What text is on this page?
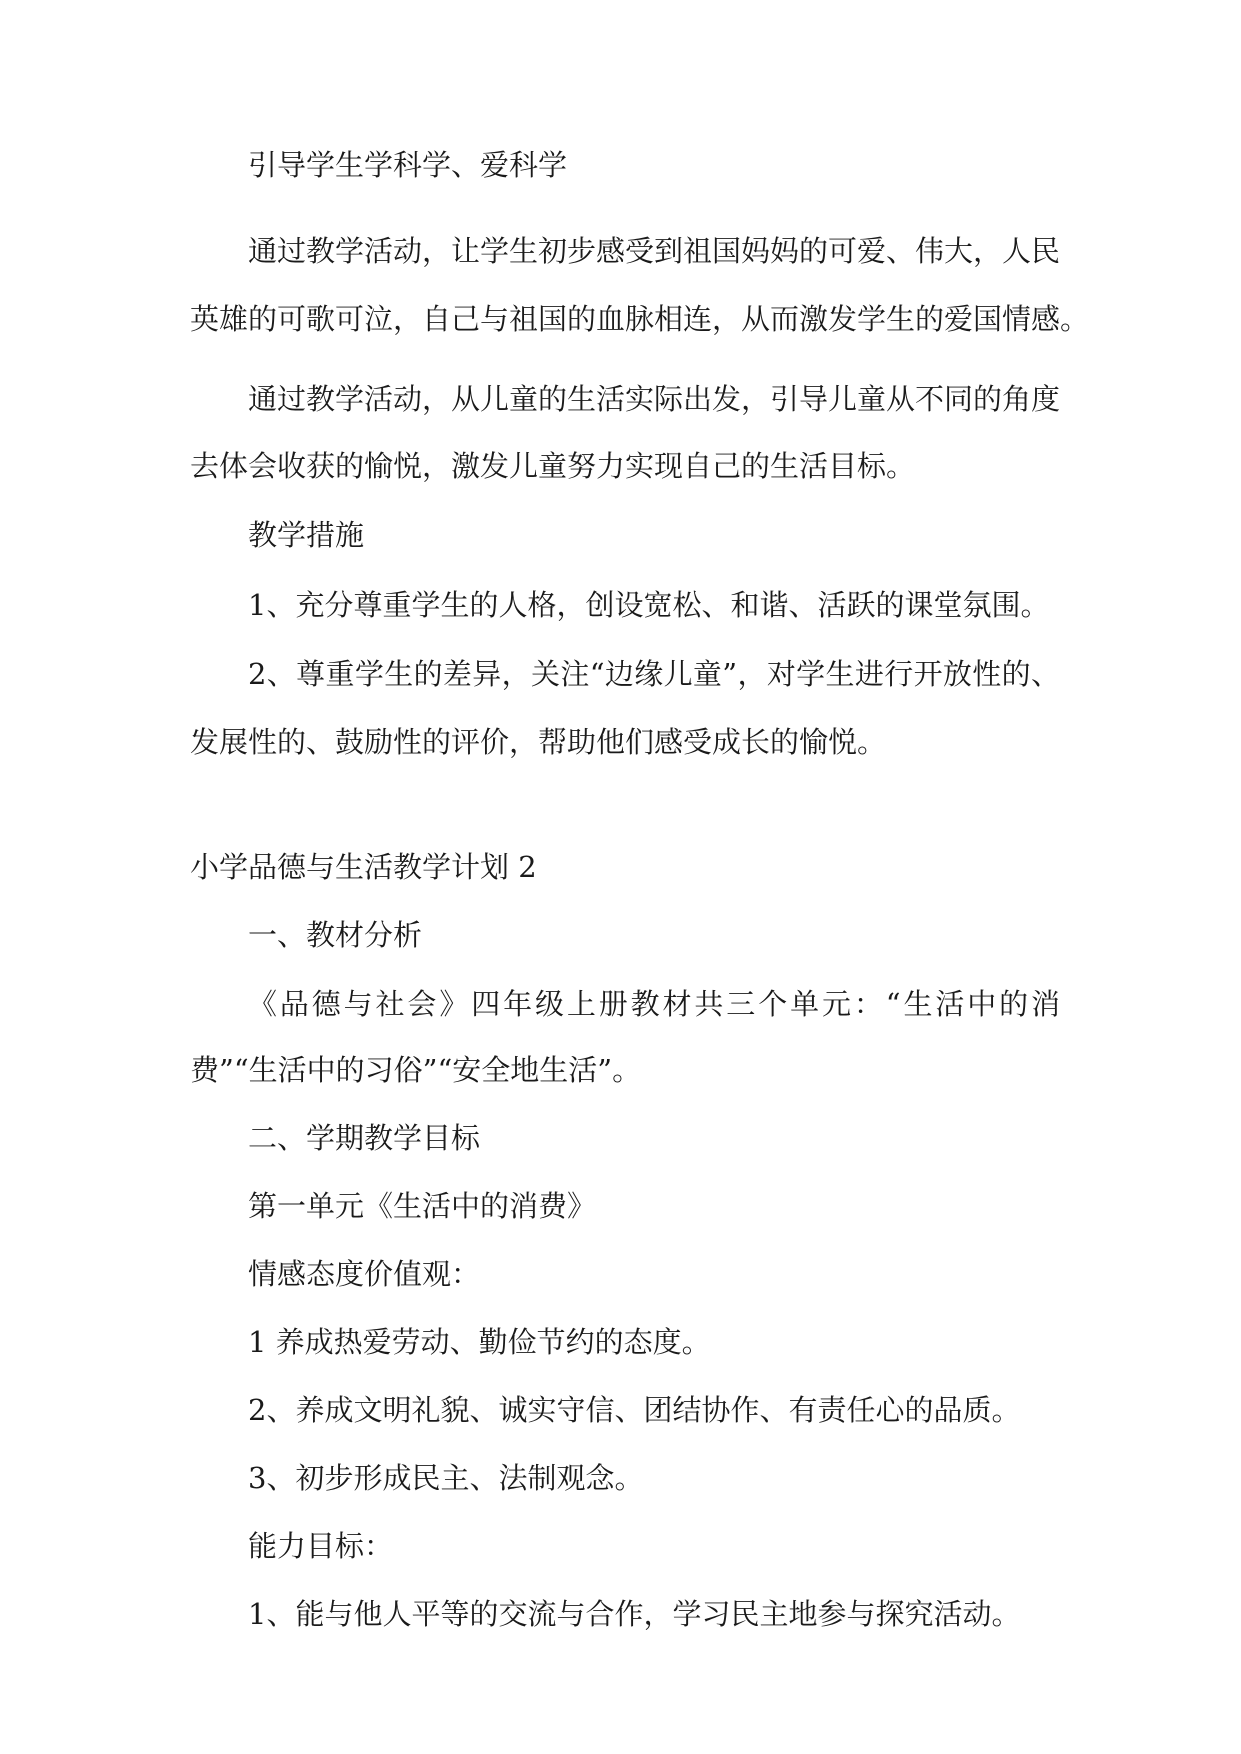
引导学生学科学、爱科学
通过教学活动，让学生初步感受到祖国妈妈的可爱、伟大，人民
英雄的可歌可泣，自己与祖国的血脉相连，从而激发学生的爱国情感。
通过教学活动，从儿童的生活实际出发，引导儿童从不同的角度
去体会收获的愉悦，激发儿童努力实现自己的生活目标。
教学措施
1、充分尊重学生的人格，创设宽松、和谐、活跃的课堂氛围。
2、尊重学生的差异，关注“边缘儿童”，对学生进行开放性的、
发展性的、鼓励性的评价，帮助他们感受成长的愉悦。
小学品德与生活教学计划 2
一、教材分析
《品德与社会》四年级上册教材共三个单元：“生活中的消
费”“生活中的习俗”“安全地生活”。
二、学期教学目标
第一单元《生活中的消费》
情感态度价值观：
1 养成热爱劳动、勤俭节约的态度。
2、养成文明礼貌、诚实守信、团结协作、有责任心的品质。
3、初步形成民主、法制观念。
能力目标：
1、能与他人平等的交流与合作，学习民主地参与探究活动。
